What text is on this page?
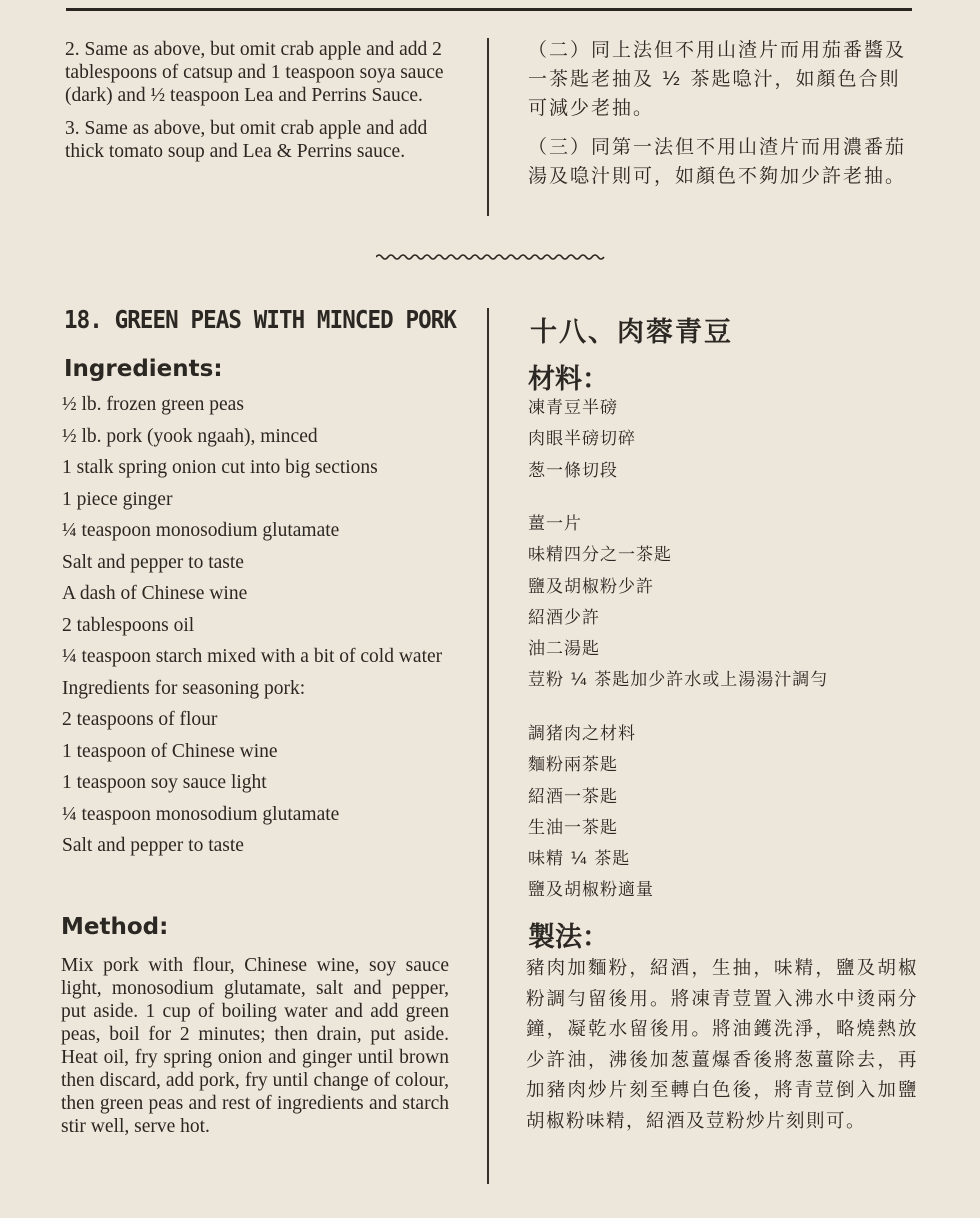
2. Same as above, but omit crab apple and add 2 tablespoons of catsup and 1 teaspoon soya sauce (dark) and ½ teaspoon Lea and Perrins Sauce.

3. Same as above, but omit crab apple and add thick tomato soup and Lea & Perrins sauce.

（二）同上法但不用山渣片而用茄番醬及一茶匙老抽及 ½ 茶匙喼汁，如顏色合則可減少老抽。

（三）同第一法但不用山渣片而用濃番茄湯及喼汁則可，如顏色不夠加少許老抽。

18. GREEN PEAS WITH MINCED PORK
Ingredients:
½ lb. frozen green peas
½ lb. pork (yook ngaah), minced
1 stalk spring onion cut into big sections
1 piece ginger
¼ teaspoon monosodium glutamate
Salt and pepper to taste
A dash of Chinese wine
2 tablespoons oil
¼ teaspoon starch mixed with a bit of cold water
Ingredients for seasoning pork:
2 teaspoons of flour
1 teaspoon of Chinese wine
1 teaspoon soy sauce light
¼ teaspoon monosodium glutamate
Salt and pepper to taste
Method:
Mix pork with flour, Chinese wine, soy sauce light, monosodium glutamate, salt and pepper, put aside. 1 cup of boiling water and add green peas, boil for 2 minutes; then drain, put aside. Heat oil, fry spring onion and ginger until brown then discard, add pork, fry until change of colour, then green peas and rest of ingredients and starch stir well, serve hot.
十八、肉蓉青豆
材料：
凍青豆半磅
肉眼半磅切碎
葱一條切段
薑一片
味精四分之一茶匙
鹽及胡椒粉少許
紹酒少許
油二湯匙
荳粉 ¼ 茶匙加少許水或上湯湯汁調勻
調猪肉之材料
麵粉兩茶匙
紹酒一茶匙
生油一茶匙
味精 ¼ 茶匙
鹽及胡椒粉適量
製法：
豬肉加麵粉，紹酒，生抽，味精，鹽及胡椒粉調勻留後用。將凍青荳置入沸水中烫兩分鐘，凝乾水留後用。將油鑊洗淨，略燒熱放少許油，沸後加葱薑爆香後將葱薑除去，再加豬肉炒片刻至轉白色後，將青荳倒入加鹽胡椒粉味精，紹酒及荳粉炒片刻則可。
